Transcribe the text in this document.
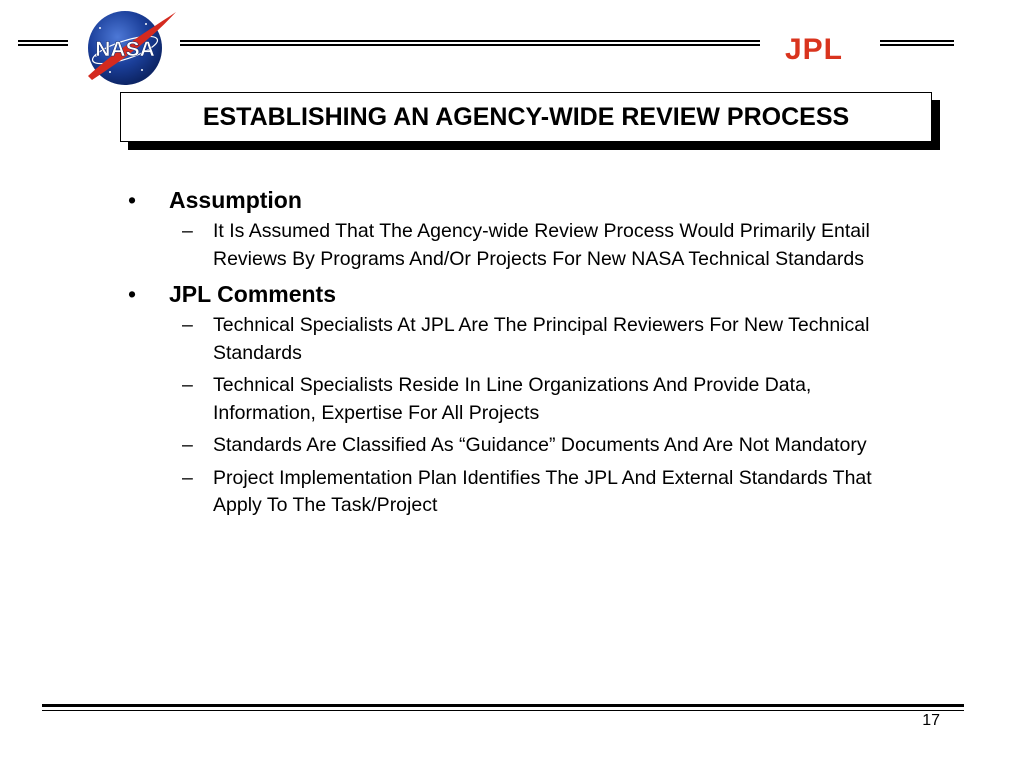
NASA	JPL
ESTABLISHING AN AGENCY-WIDE REVIEW PROCESS
• Assumption
– It Is Assumed That The Agency-wide Review Process Would Primarily Entail Reviews By Programs And/Or Projects For New NASA Technical Standards
• JPL Comments
– Technical Specialists At JPL Are The Principal Reviewers For New Technical Standards
– Technical Specialists Reside In Line Organizations And Provide Data, Information, Expertise For All Projects
– Standards Are Classified As “Guidance” Documents And Are Not Mandatory
– Project Implementation Plan Identifies The JPL And External Standards That Apply To The Task/Project
17
